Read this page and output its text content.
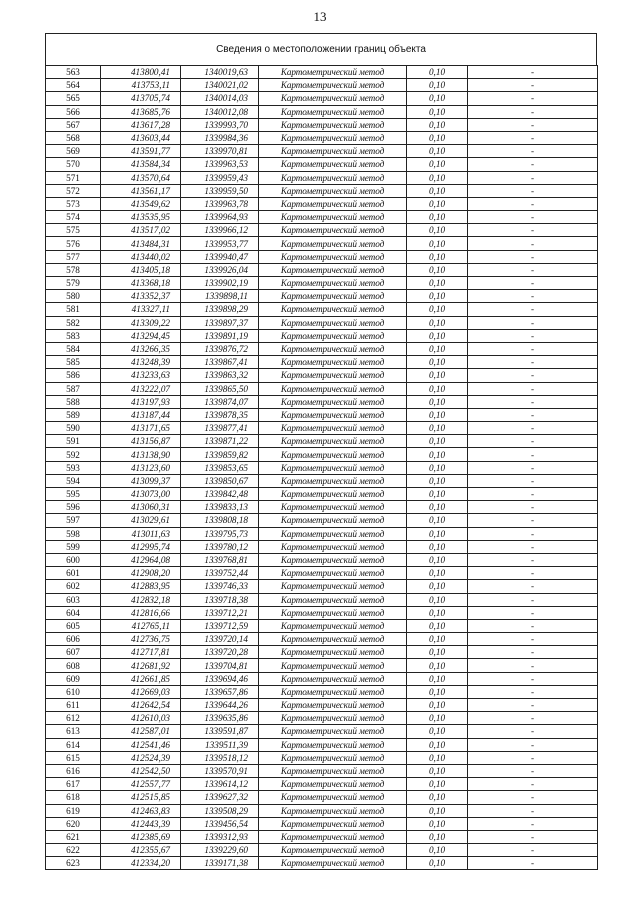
13
Сведения о местоположении границ объекта
563	413800,41	1340019,63	Картометрический метод	0,10	-
564	413753,11	1340021,02	Картометрический метод	0,10	-
565	413705,74	1340014,03	Картометрический метод	0,10	-
566	413685,76	1340012,08	Картометрический метод	0,10	-
567	413617,28	1339993,70	Картометрический метод	0,10	-
568	413603,44	1339984,36	Картометрический метод	0,10	-
569	413591,77	1339970,81	Картометрический метод	0,10	-
570	413584,34	1339963,53	Картометрический метод	0,10	-
571	413570,64	1339959,43	Картометрический метод	0,10	-
572	413561,17	1339959,50	Картометрический метод	0,10	-
573	413549,62	1339963,78	Картометрический метод	0,10	-
574	413535,95	1339964,93	Картометрический метод	0,10	-
575	413517,02	1339966,12	Картометрический метод	0,10	-
576	413484,31	1339953,77	Картометрический метод	0,10	-
577	413440,02	1339940,47	Картометрический метод	0,10	-
578	413405,18	1339926,04	Картометрический метод	0,10	-
579	413368,18	1339902,19	Картометрический метод	0,10	-
580	413352,37	1339898,11	Картометрический метод	0,10	-
581	413327,11	1339898,29	Картометрический метод	0,10	-
582	413309,22	1339897,37	Картометрический метод	0,10	-
583	413294,45	1339891,19	Картометрический метод	0,10	-
584	413266,35	1339876,72	Картометрический метод	0,10	-
585	413248,39	1339867,41	Картометрический метод	0,10	-
586	413233,63	1339863,32	Картометрический метод	0,10	-
587	413222,07	1339865,50	Картометрический метод	0,10	-
588	413197,93	1339874,07	Картометрический метод	0,10	-
589	413187,44	1339878,35	Картометрический метод	0,10	-
590	413171,65	1339877,41	Картометрический метод	0,10	-
591	413156,87	1339871,22	Картометрический метод	0,10	-
592	413138,90	1339859,82	Картометрический метод	0,10	-
593	413123,60	1339853,65	Картометрический метод	0,10	-
594	413099,37	1339850,67	Картометрический метод	0,10	-
595	413073,00	1339842,48	Картометрический метод	0,10	-
596	413060,31	1339833,13	Картометрический метод	0,10	-
597	413029,61	1339808,18	Картометрический метод	0,10	-
598	413011,63	1339795,73	Картометрический метод	0,10	-
599	412995,74	1339780,12	Картометрический метод	0,10	-
600	412964,08	1339768,81	Картометрический метод	0,10	-
601	412908,20	1339752,44	Картометрический метод	0,10	-
602	412883,95	1339746,33	Картометрический метод	0,10	-
603	412832,18	1339718,38	Картометрический метод	0,10	-
604	412816,66	1339712,21	Картометрический метод	0,10	-
605	412765,11	1339712,59	Картометрический метод	0,10	-
606	412736,75	1339720,14	Картометрический метод	0,10	-
607	412717,81	1339720,28	Картометрический метод	0,10	-
608	412681,92	1339704,81	Картометрический метод	0,10	-
609	412661,85	1339694,46	Картометрический метод	0,10	-
610	412669,03	1339657,86	Картометрический метод	0,10	-
611	412642,54	1339644,26	Картометрический метод	0,10	-
612	412610,03	1339635,86	Картометрический метод	0,10	-
613	412587,01	1339591,87	Картометрический метод	0,10	-
614	412541,46	1339511,39	Картометрический метод	0,10	-
615	412524,39	1339518,12	Картометрический метод	0,10	-
616	412542,50	1339570,91	Картометрический метод	0,10	-
617	412557,77	1339614,12	Картометрический метод	0,10	-
618	412515,85	1339627,32	Картометрический метод	0,10	-
619	412463,83	1339508,29	Картометрический метод	0,10	-
620	412443,39	1339456,54	Картометрический метод	0,10	-
621	412385,69	1339312,93	Картометрический метод	0,10	-
622	412355,67	1339229,60	Картометрический метод	0,10	-
623	412334,20	1339171,38	Картометрический метод	0,10	-
